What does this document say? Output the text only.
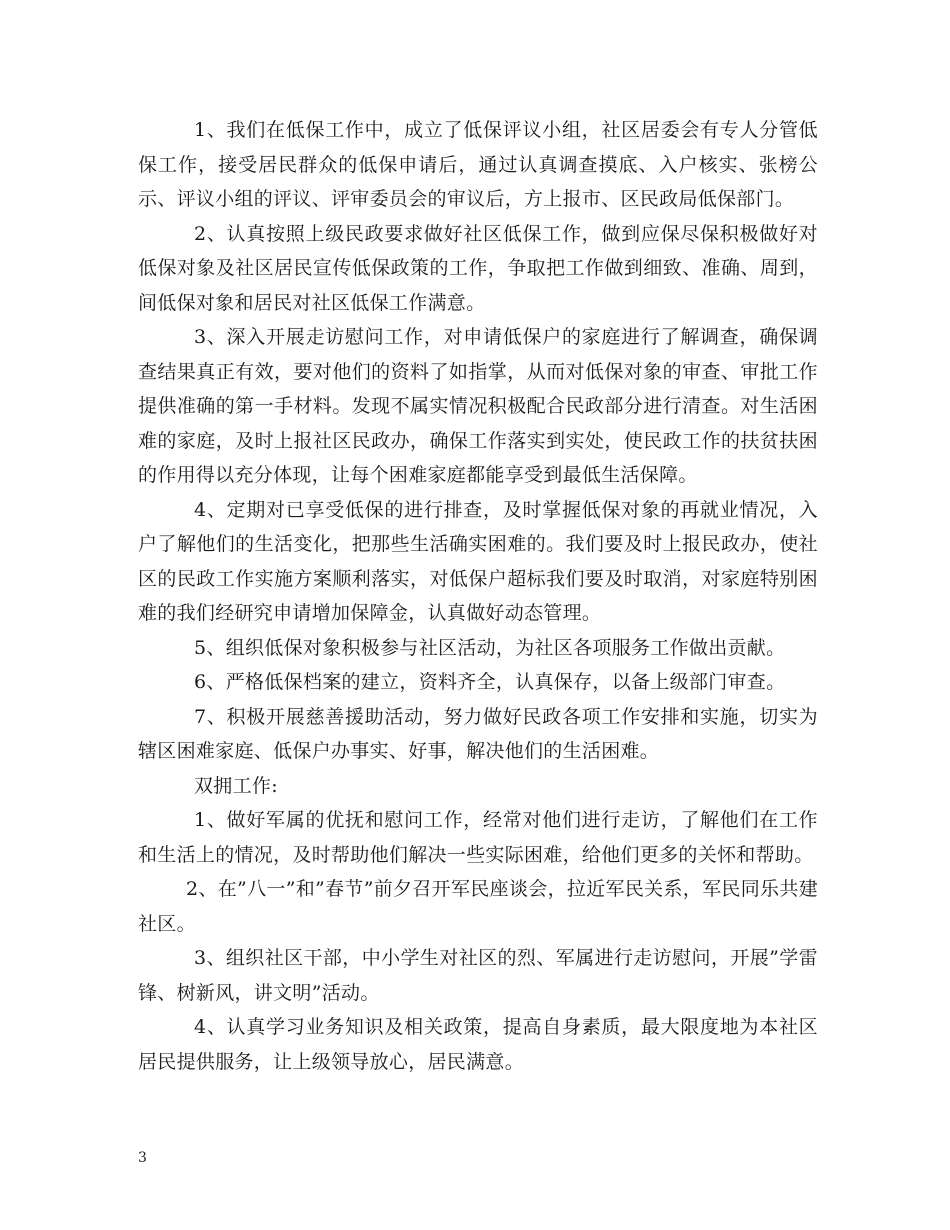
1、我们在低保工作中，成立了低保评议小组，社区居委会有专人分管低保工作，接受居民群众的低保申请后，通过认真调查摸底、入户核实、张榜公示、评议小组的评议、评审委员会的审议后，方上报市、区民政局低保部门。

2、认真按照上级民政要求做好社区低保工作，做到应保尽保积极做好对低保对象及社区居民宣传低保政策的工作，争取把工作做到细致、准确、周到，间低保对象和居民对社区低保工作满意。

3、深入开展走访慰问工作，对申请低保户的家庭进行了解调查，确保调查结果真正有效，要对他们的资料了如指掌，从而对低保对象的审查、审批工作提供准确的第一手材料。发现不属实情况积极配合民政部分进行清查。对生活困难的家庭，及时上报社区民政办，确保工作落实到实处，使民政工作的扶贫扶困的作用得以充分体现，让每个困难家庭都能享受到最低生活保障。

4、定期对已享受低保的进行排查，及时掌握低保对象的再就业情况，入户了解他们的生活变化，把那些生活确实困难的。我们要及时上报民政办，使社区的民政工作实施方案顺利落实，对低保户超标我们要及时取消，对家庭特别困难的我们经研究申请增加保障金，认真做好动态管理。

5、组织低保对象积极参与社区活动，为社区各项服务工作做出贡献。

6、严格低保档案的建立，资料齐全，认真保存，以备上级部门审查。

7、积极开展慈善援助活动，努力做好民政各项工作安排和实施，切实为辖区困难家庭、低保户办事实、好事，解决他们的生活困难。

双拥工作:

1、做好军属的优抚和慰问工作，经常对他们进行走访，了解他们在工作和生活上的情况，及时帮助他们解决一些实际困难，给他们更多的关怀和帮助。

2、在”八一”和”春节”前夕召开军民座谈会，拉近军民关系，军民同乐共建社区。

3、组织社区干部，中小学生对社区的烈、军属进行走访慰问，开展”学雷锋、树新风，讲文明”活动。

4、认真学习业务知识及相关政策，提高自身素质，最大限度地为本社区居民提供服务，让上级领导放心，居民满意。

3
